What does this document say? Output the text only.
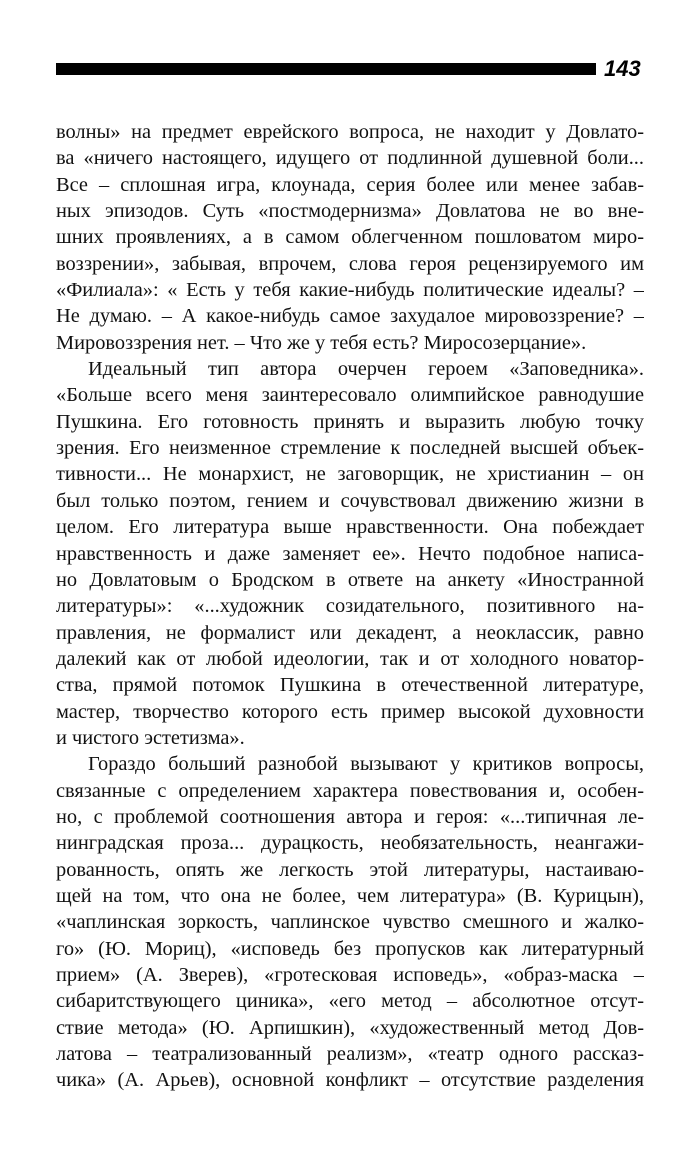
143
волны» на предмет еврейского вопроса, не находит у Довлато-
ва «ничего настоящего, идущего от подлинной душевной боли...
Все – сплошная игра, клоунада, серия более или менее забав-
ных эпизодов. Суть «постмодернизма» Довлатова не во вне-
шних проявлениях, а в самом облегченном пошловатом миро-
воззрении», забывая, впрочем, слова героя рецензируемого им
«Филиала»: « Есть у тебя какие-нибудь политические идеалы? –
Не думаю. – А какое-нибудь самое захудалое мировоззрение? –
Мировоззрения нет. – Что же у тебя есть? Миросозерцание».
Идеальный тип автора очерчен героем «Заповедника».
«Больше всего меня заинтересовало олимпийское равнодушие
Пушкина. Его готовность принять и выразить любую точку
зрения. Его неизменное стремление к последней высшей объек-
тивности... Не монархист, не заговорщик, не христианин – он
был только поэтом, гением и сочувствовал движению жизни в
целом. Его литература выше нравственности. Она побеждает
нравственность и даже заменяет ее». Нечто подобное написа-
но Довлатовым о Бродском в ответе на анкету «Иностранной
литературы»: «...художник созидательного, позитивного на-
правления, не формалист или декадент, а неоклассик, равно
далекий как от любой идеологии, так и от холодного новатор-
ства, прямой потомок Пушкина в отечественной литературе,
мастер, творчество которого есть пример высокой духовности
и чистого эстетизма».
Гораздо больший разнобой вызывают у критиков вопросы,
связанные с определением характера повествования и, особен-
но, с проблемой соотношения автора и героя: «...типичная ле-
нинградская проза... дурацкость, необязательность, неангажи-
рованность, опять же легкость этой литературы, настаиваю-
щей на том, что она не более, чем литература» (В. Курицын),
«чаплинская зоркость, чаплинское чувство смешного и жалко-
го» (Ю. Мориц), «исповедь без пропусков как литературный
прием» (А. Зверев), «гротесковая исповедь», «образ-маска –
сибаритствующего циника», «его метод – абсолютное отсут-
ствие метода» (Ю. Арпишкин), «художественный метод Дов-
латова – театрализованный реализм», «театр одного рассказ-
чика» (А. Арьев), основной конфликт – отсутствие разделения
